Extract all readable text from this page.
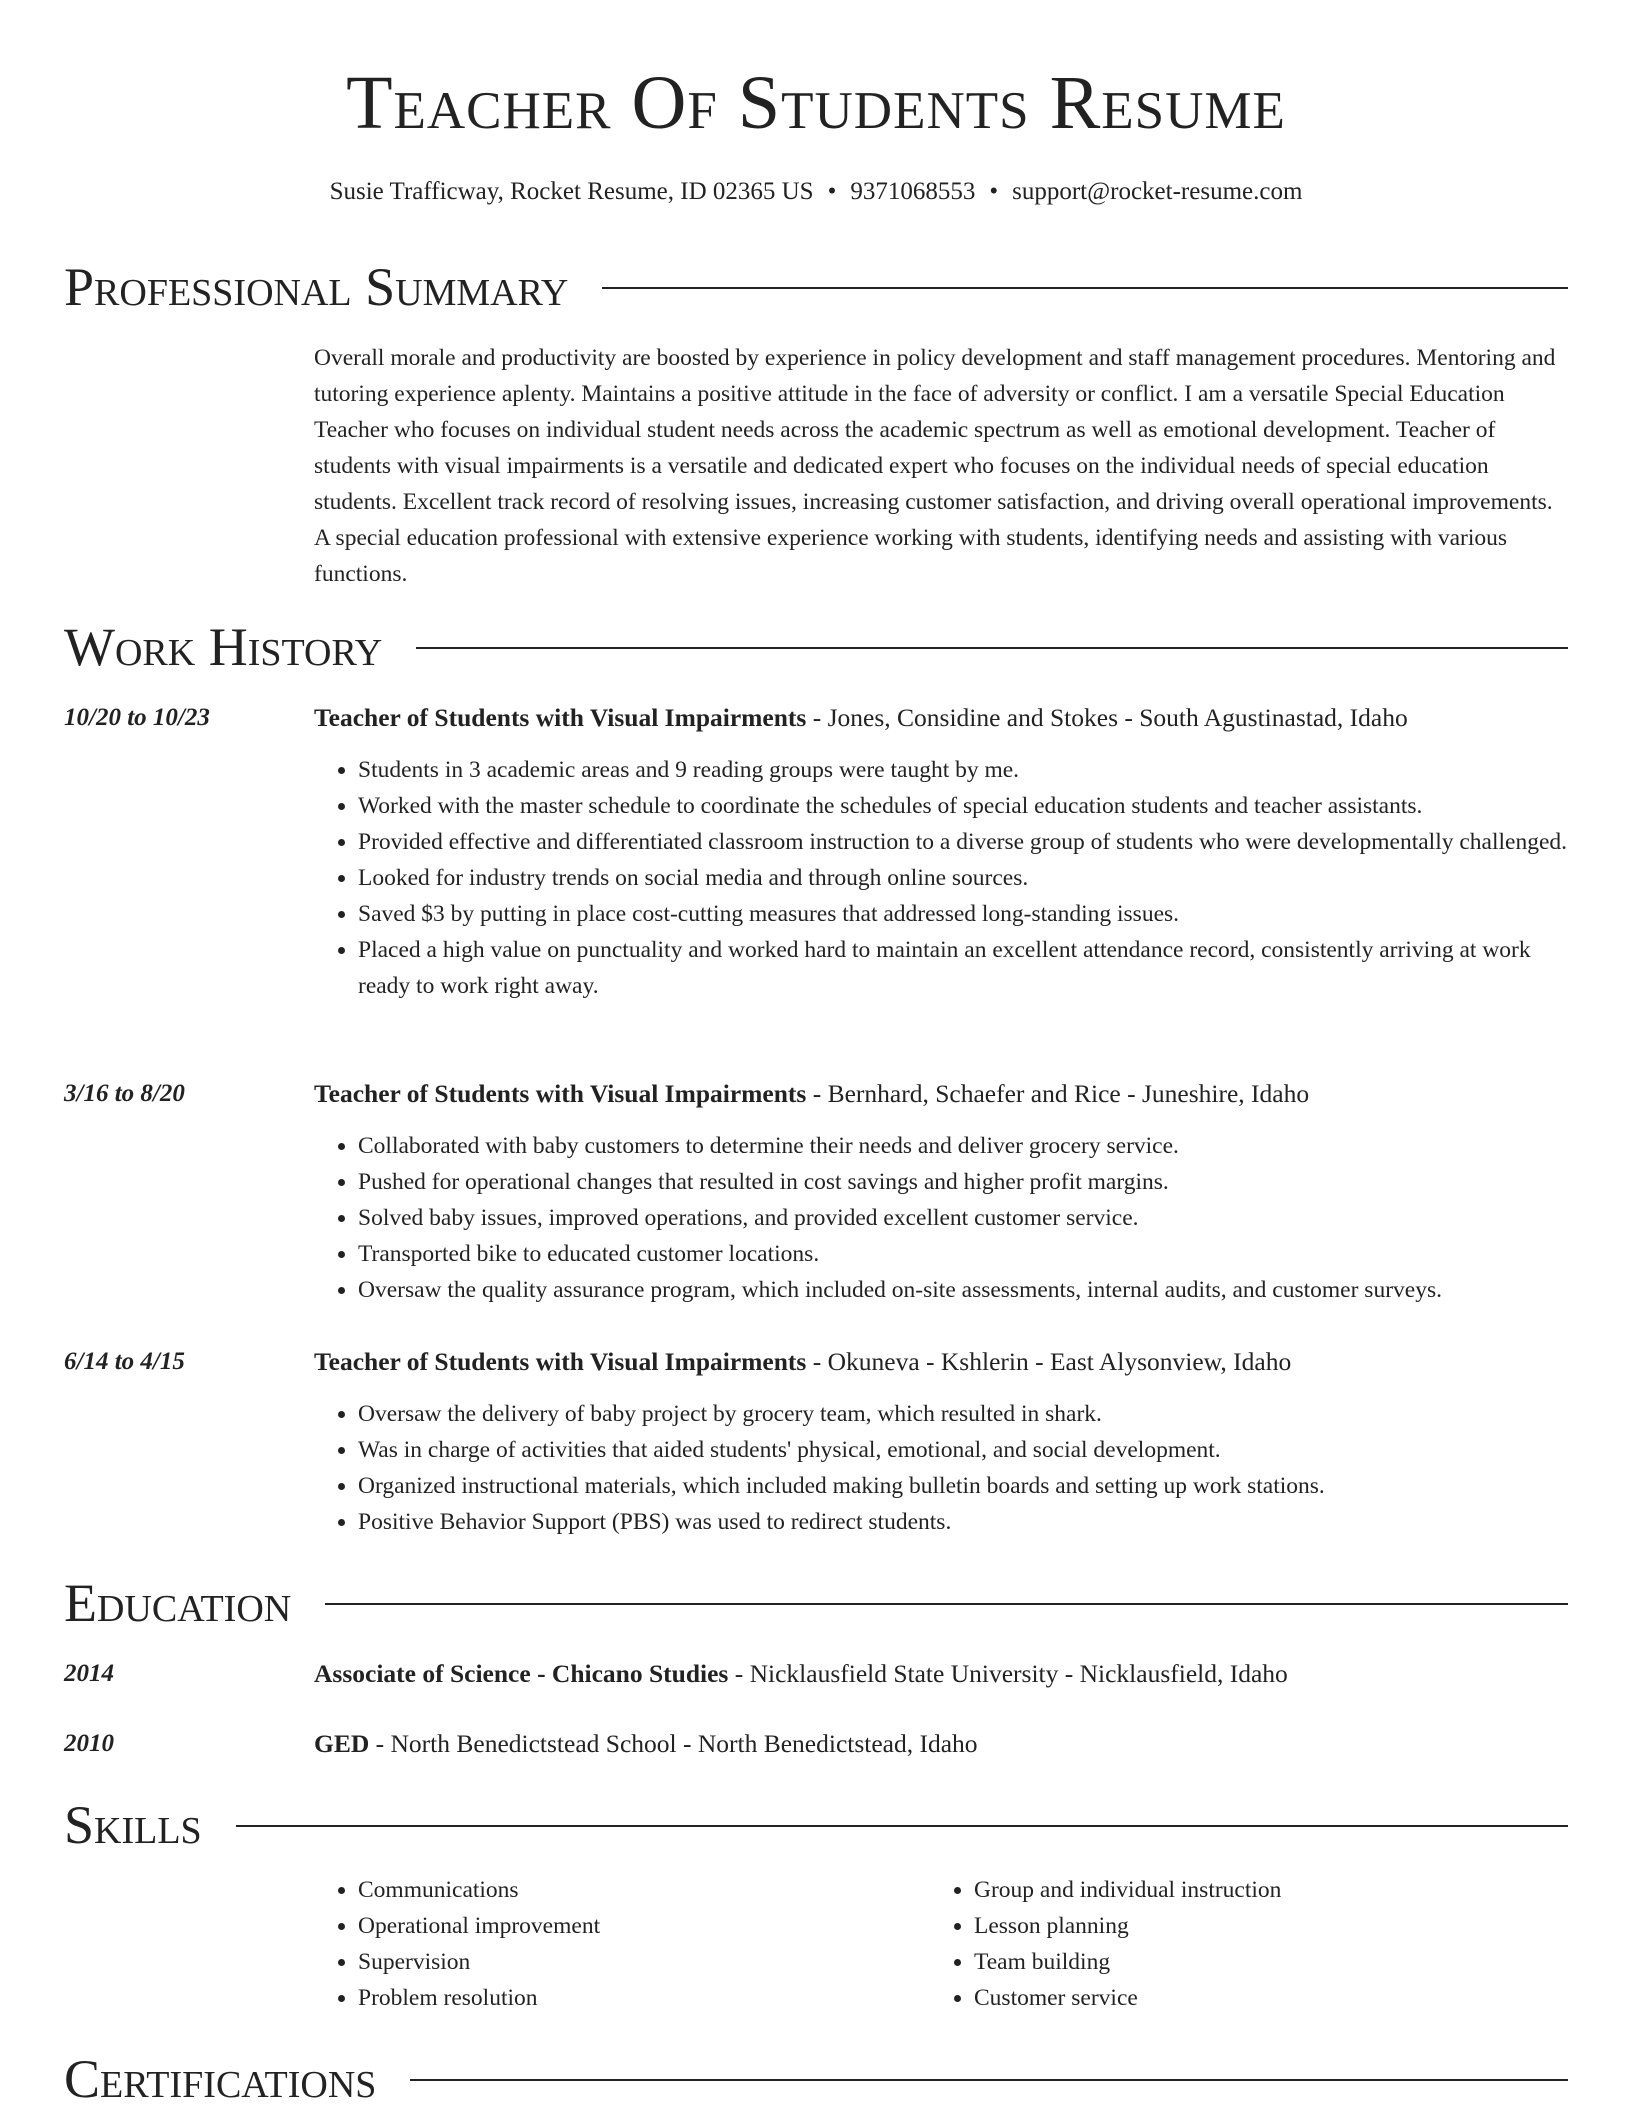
Teacher Of Students Resume
Susie Trafficway, Rocket Resume, ID 02365 US • 9371068553 • support@rocket-resume.com
Professional Summary
Overall morale and productivity are boosted by experience in policy development and staff management procedures. Mentoring and tutoring experience aplenty. Maintains a positive attitude in the face of adversity or conflict. I am a versatile Special Education Teacher who focuses on individual student needs across the academic spectrum as well as emotional development. Teacher of students with visual impairments is a versatile and dedicated expert who focuses on the individual needs of special education students. Excellent track record of resolving issues, increasing customer satisfaction, and driving overall operational improvements. A special education professional with extensive experience working with students, identifying needs and assisting with various functions.
Work History
10/20 to 10/23	Teacher of Students with Visual Impairments - Jones, Considine and Stokes - South Agustinastad, Idaho
• Students in 3 academic areas and 9 reading groups were taught by me.
• Worked with the master schedule to coordinate the schedules of special education students and teacher assistants.
• Provided effective and differentiated classroom instruction to a diverse group of students who were developmentally challenged.
• Looked for industry trends on social media and through online sources.
• Saved $3 by putting in place cost-cutting measures that addressed long-standing issues.
• Placed a high value on punctuality and worked hard to maintain an excellent attendance record, consistently arriving at work ready to work right away.
3/16 to 8/20	Teacher of Students with Visual Impairments - Bernhard, Schaefer and Rice - Juneshire, Idaho
• Collaborated with baby customers to determine their needs and deliver grocery service.
• Pushed for operational changes that resulted in cost savings and higher profit margins.
• Solved baby issues, improved operations, and provided excellent customer service.
• Transported bike to educated customer locations.
• Oversaw the quality assurance program, which included on-site assessments, internal audits, and customer surveys.
6/14 to 4/15	Teacher of Students with Visual Impairments - Okuneva - Kshlerin - East Alysonview, Idaho
• Oversaw the delivery of baby project by grocery team, which resulted in shark.
• Was in charge of activities that aided students' physical, emotional, and social development.
• Organized instructional materials, which included making bulletin boards and setting up work stations.
• Positive Behavior Support (PBS) was used to redirect students.
Education
2014	Associate of Science - Chicano Studies - Nicklausfield State University - Nicklausfield, Idaho
2010	GED - North Benedictstead School - North Benedictstead, Idaho
Skills
• Communications
• Operational improvement
• Supervision
• Problem resolution
• Group and individual instruction
• Lesson planning
• Team building
• Customer service
Certifications
